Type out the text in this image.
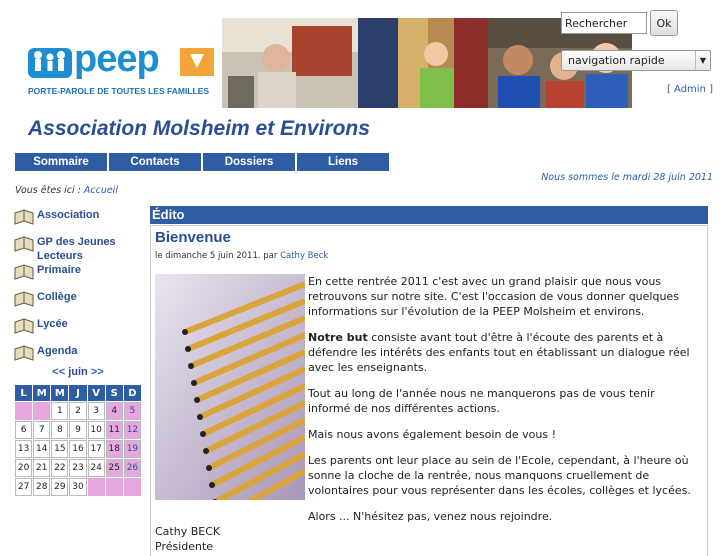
peep
PORTE-PAROLE DE TOUTES LES FAMILLES
Association Molsheim et Environs
Rechercher
Ok
navigation rapide	▼
[ Admin ]
Sommaire	Contacts	Dossiers	Liens
Nous sommes le mardi 28 juin 2011
Vous êtes ici : Accueil
Association
GP des Jeunes Lecteurs
Primaire
Collège
Lycée
Agenda
<< juin >>
L	M	M	J	V	S	D
		1	2	3	4	5
6	7	8	9	10	11	12
13	14	15	16	17	18	19
20	21	22	23	24	25	26
27	28	29	30			
Édito
Bienvenue
le dimanche 5 juin 2011. par Cathy Beck

En cette rentrée 2011 c'est avec un grand plaisir que nous vous retrouvons sur notre site. C'est l'occasion de vous donner quelques informations sur l'évolution de la PEEP Molsheim et environs.

Notre but consiste avant tout d'être à l'écoute des parents et à défendre les intérêts des enfants tout en établissant un dialogue réel avec les enseignants.

Tout au long de l'année nous ne manquerons pas de vous tenir informé de nos différentes actions.

Mais nous avons également besoin de vous !

Les parents ont leur place au sein de l'Ecole, cependant, à l'heure où sonne la cloche de la rentrée, nous manquons cruellement de volontaires pour vous représenter dans les écoles, collèges et lycées.

Alors ... N'hésitez pas, venez nous rejoindre.

Cathy BECK
Présidente
